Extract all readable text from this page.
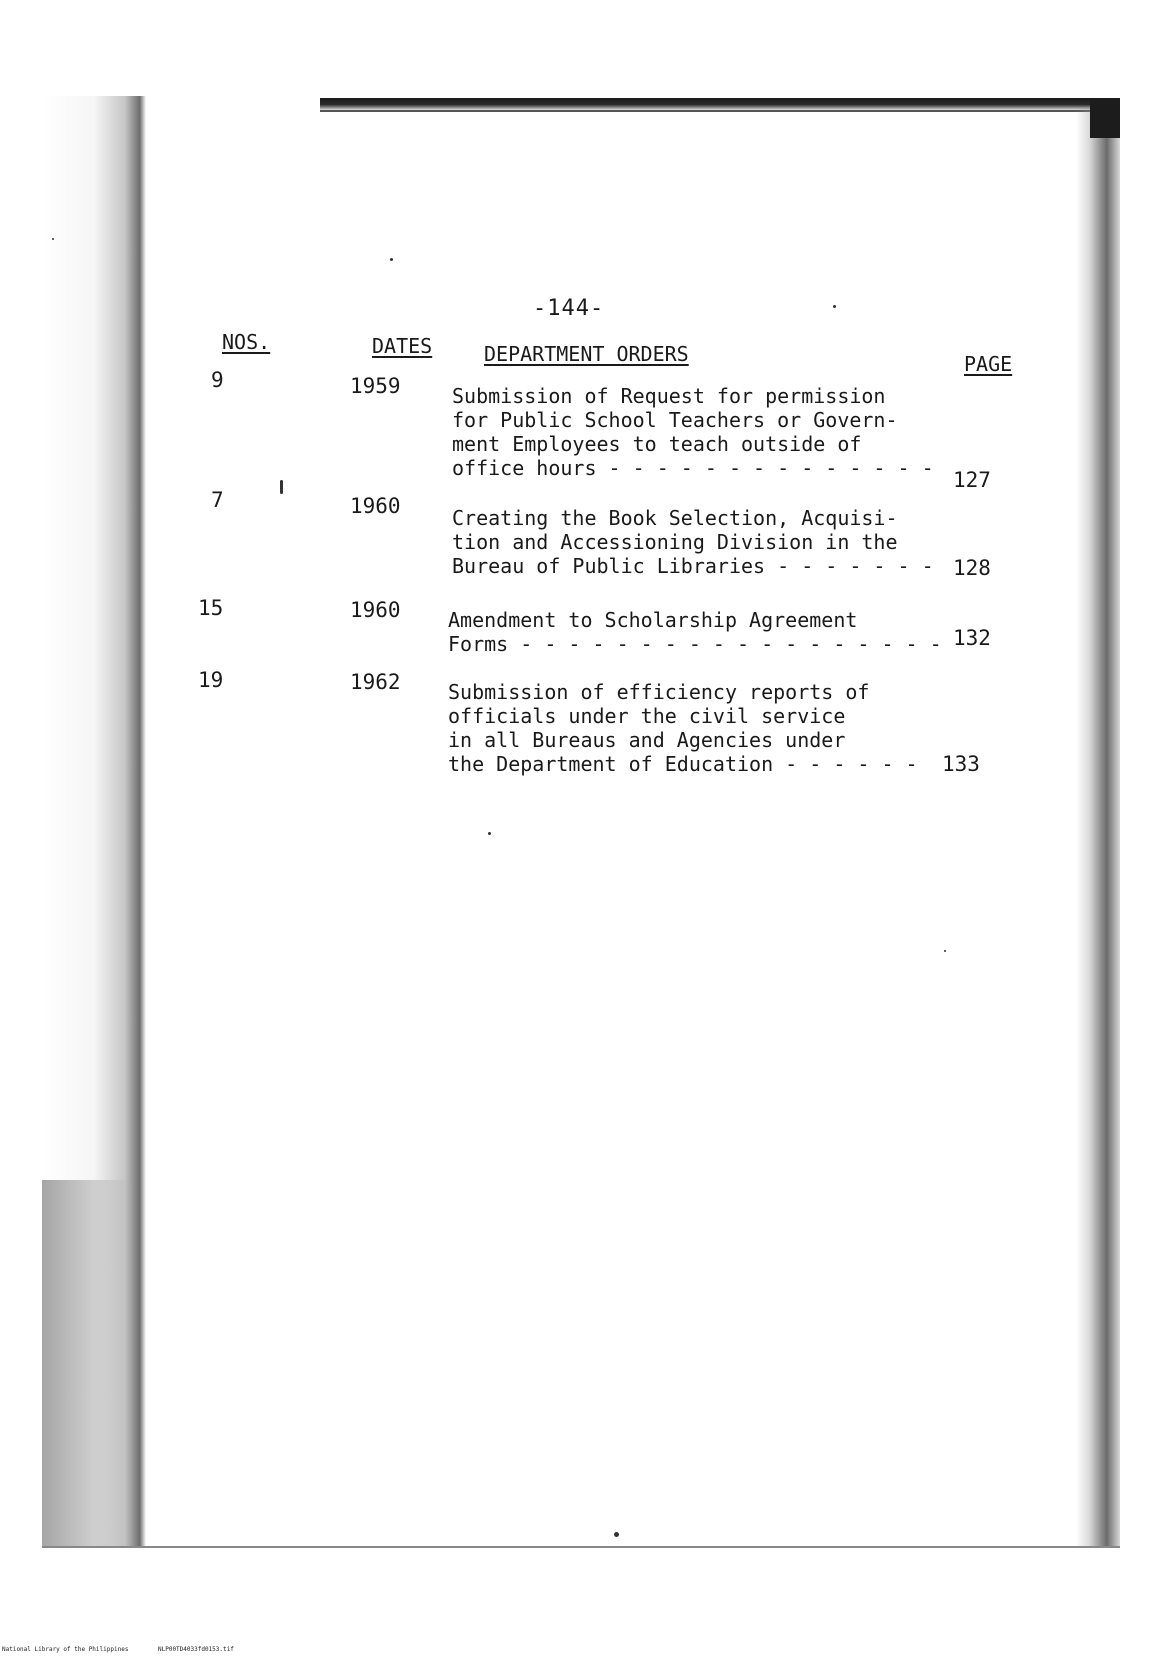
-144-
NOS.	DATES	DEPARTMENT ORDERS	PAGE
9	1959	Submission of Request for permission
for Public School Teachers or Govern-
ment Employees to teach outside of
office hours - - - - - - - - - - - - - - 127
7	1960	Creating the Book Selection, Acquisi-
tion and Accessioning Division in the
Bureau of Public Libraries - - - - - - - 128
15	1960 Amendment to Scholarship Agreement
Forms - - - - - - - - - - - - - - - - - - 132
19	1962 Submission of efficiency reports of
officials under the civil service
in all Bureaus and Agencies under
the Department of Education - - - - - - 133
National Library of the Philippines	NLP00TD4033fd0153.tif
